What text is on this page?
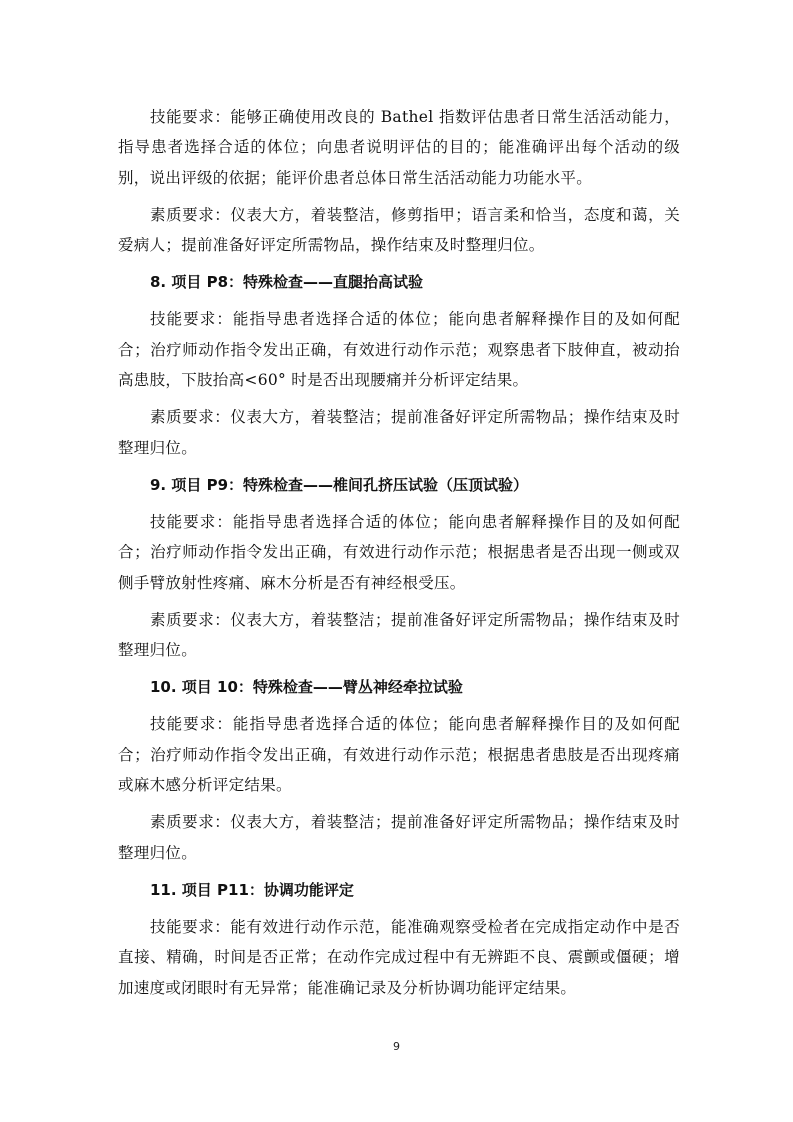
技能要求：能够正确使用改良的 Bathel 指数评估患者日常生活活动能力，指导患者选择合适的体位；向患者说明评估的目的；能准确评出每个活动的级别，说出评级的依据；能评价患者总体日常生活活动能力功能水平。

素质要求：仪表大方，着装整洁，修剪指甲；语言柔和恰当，态度和蔼，关爱病人；提前准备好评定所需物品，操作结束及时整理归位。

8. 项目 P8：特殊检查——直腿抬高试验

技能要求：能指导患者选择合适的体位；能向患者解释操作目的及如何配合；治疗师动作指令发出正确，有效进行动作示范；观察患者下肢伸直，被动抬高患肢，下肢抬高<60° 时是否出现腰痛并分析评定结果。

素质要求：仪表大方，着装整洁；提前准备好评定所需物品；操作结束及时整理归位。

9. 项目 P9：特殊检查——椎间孔挤压试验（压顶试验）

技能要求：能指导患者选择合适的体位；能向患者解释操作目的及如何配合；治疗师动作指令发出正确，有效进行动作示范；根据患者是否出现一侧或双侧手臂放射性疼痛、麻木分析是否有神经根受压。

素质要求：仪表大方，着装整洁；提前准备好评定所需物品；操作结束及时整理归位。

10. 项目 10：特殊检查——臂丛神经牵拉试验

技能要求：能指导患者选择合适的体位；能向患者解释操作目的及如何配合；治疗师动作指令发出正确，有效进行动作示范；根据患者患肢是否出现疼痛或麻木感分析评定结果。

素质要求：仪表大方，着装整洁；提前准备好评定所需物品；操作结束及时整理归位。

11. 项目 P11：协调功能评定

技能要求：能有效进行动作示范，能准确观察受检者在完成指定动作中是否直接、精确，时间是否正常；在动作完成过程中有无辨距不良、震颤或僵硬；增加速度或闭眼时有无异常；能准确记录及分析协调功能评定结果。

9
